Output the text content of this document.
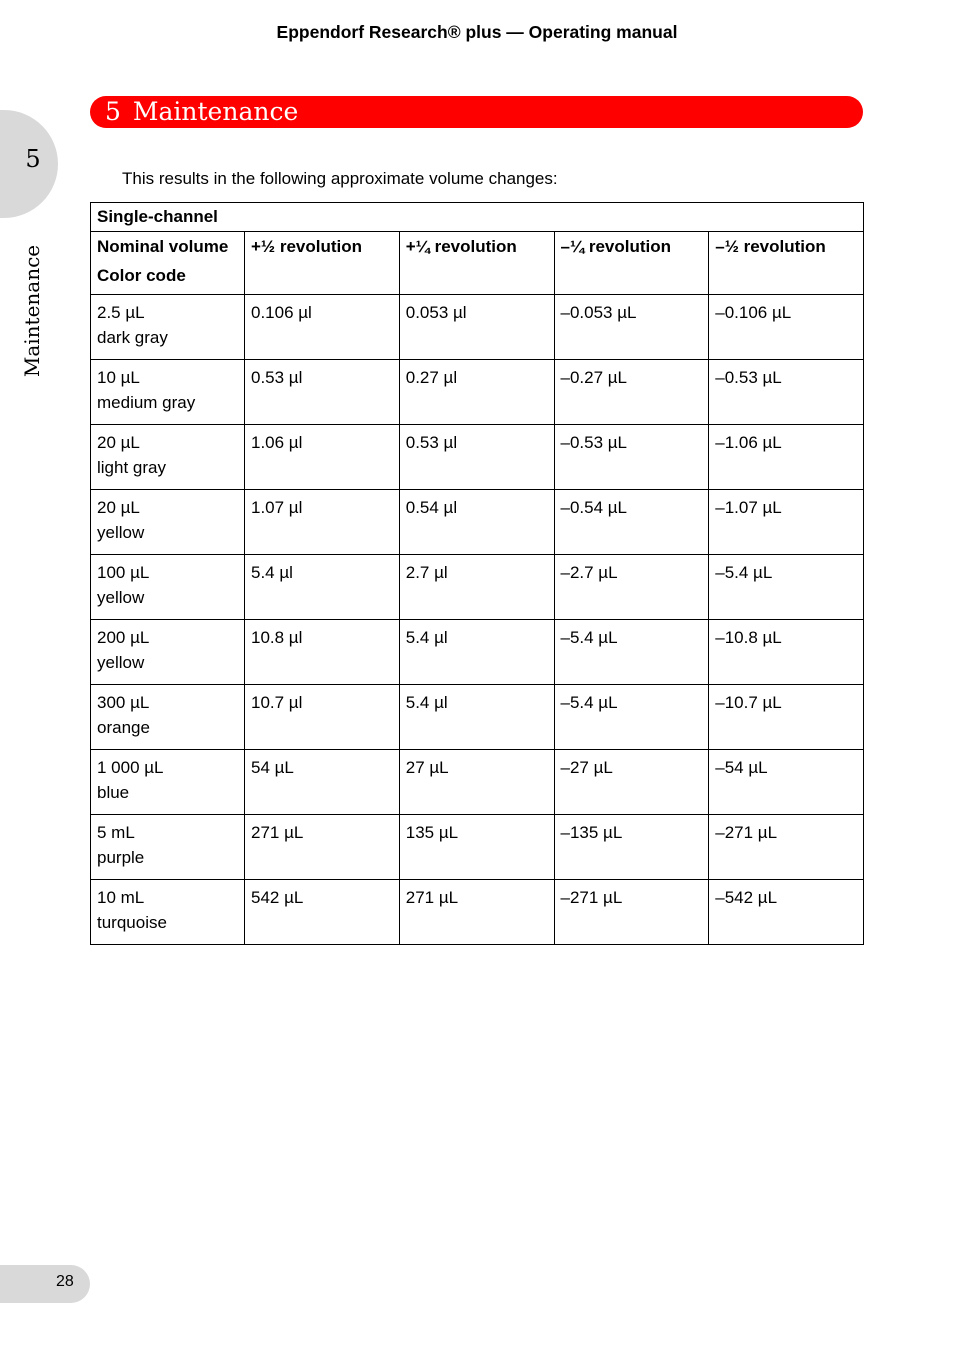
Eppendorf Research® plus — Operating manual
5
Maintenance
5 Maintenance
This results in the following approximate volume changes:
Single-channel				

Nominal volume
Color code	+½ revolution	+¼ revolution	–¼ revolution	–½ revolution

2.5 µL
dark gray	0.106 µl	0.053 µl	–0.053 µL	–0.106 µL

10 µL
medium gray	0.53 µl	0.27 µl	–0.27 µL	–0.53 µL

20 µL
light gray	1.06 µl	0.53 µl	–0.53 µL	–1.06 µL

20 µL
yellow	1.07 µl	0.54 µl	–0.54 µL	–1.07 µL

100 µL
yellow	5.4 µl	2.7 µl	–2.7 µL	–5.4 µL

200 µL
yellow	10.8 µl	5.4 µl	–5.4 µL	–10.8 µL

300 µL
orange	10.7 µl	5.4 µl	–5.4 µL	–10.7 µL

1 000 µL
blue	54 µL	27 µL	–27 µL	–54 µL

5 mL
purple	271 µL	135 µL	–135 µL	–271 µL

10 mL
turquoise	542 µL	271 µL	–271 µL	–542 µL
28
